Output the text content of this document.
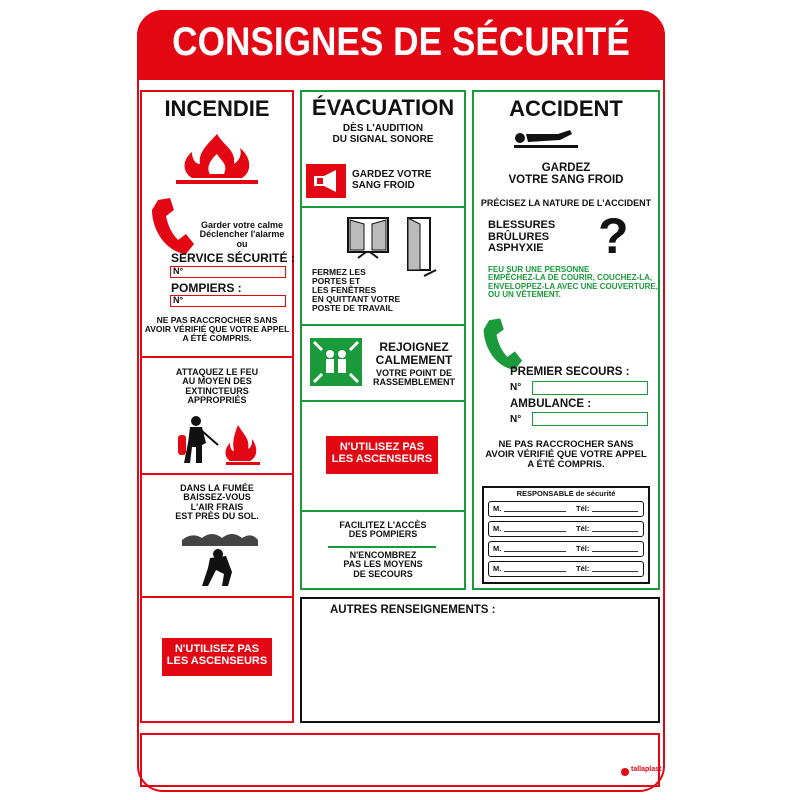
CONSIGNES DE SÉCURITÉ
INCENDIE
Garder votre calme
Déclencher l'alarme
ou
SERVICE SÉCURITÉ :
N°
POMPIERS :
N°
NE PAS RACCROCHER SANS
AVOIR VÉRIFIÉ QUE VOTRE APPEL
A ÉTÉ COMPRIS.
ATTAQUEZ LE FEU
AU MOYEN DES
EXTINCTEURS
APPROPRIÉS
DANS LA FUMÉE
BAISSEZ-VOUS
L'AIR FRAIS
EST PRÈS DU SOL.
N'UTILISEZ PAS
LES ASCENSEURS
ÉVACUATION
DÈS L'AUDITION
DU SIGNAL SONORE
GARDEZ VOTRE
SANG FROID
FERMEZ LES
PORTES ET
LES FENÊTRES
EN QUITTANT VOTRE
POSTE DE TRAVAIL
REJOIGNEZ
CALMEMENT
VOTRE POINT DE
RASSEMBLEMENT
N'UTILISEZ PAS
LES ASCENSEURS
FACILITEZ L'ACCÈS
DES POMPIERS
N'ENCOMBREZ
PAS LES MOYENS
DE SECOURS
ACCIDENT
GARDEZ
VOTRE SANG FROID
PRÉCISEZ LA NATURE DE L'ACCIDENT
BLESSURES
BRÛLURES
ASPHYXIE	?
FEU SUR UNE PERSONNE
EMPÊCHEZ-LA DE COURIR, COUCHEZ-LA,
ENVELOPPEZ-LA AVEC UNE COUVERTURE,
OU UN VÊTEMENT.
PREMIER SECOURS :
N°
AMBULANCE :
N°
NE PAS RACCROCHER SANS
AVOIR VÉRIFIÉ QUE VOTRE APPEL
A ÉTÉ COMPRIS.
RESPONSABLE de sécurité
M.	Tél:
M.	Tél:
M.	Tél:
M.	Tél:
AUTRES RENSEIGNEMENTS :
tallaplast
